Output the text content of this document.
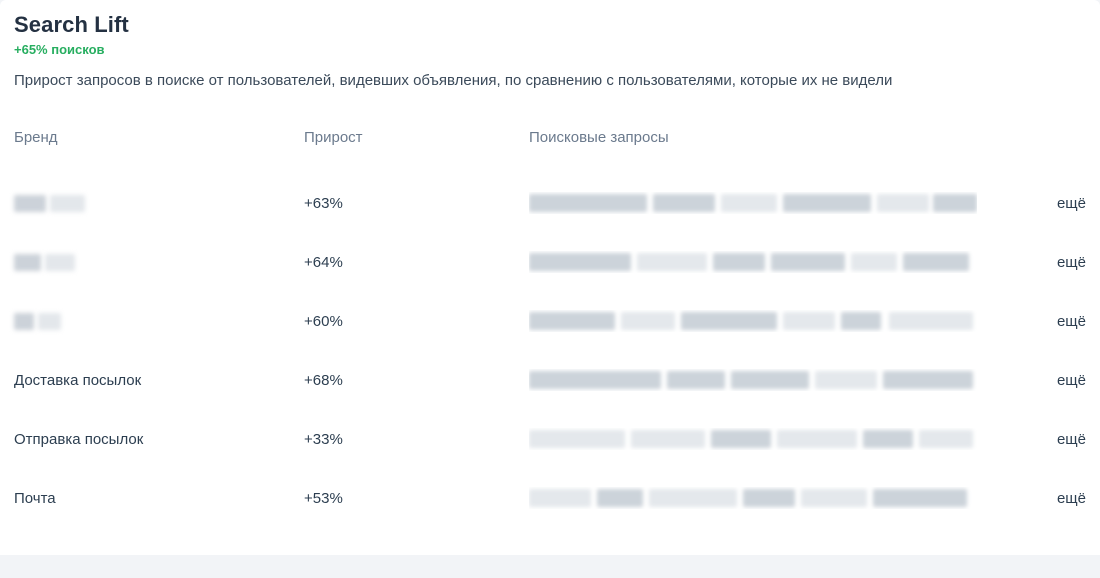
Search Lift
+65% поисков
Прирост запросов в поиске от пользователей, видевших объявления, по сравнению с пользователями, которые их не видели
Бренд	Прирост	Поисковые запросы	

	+63%		ещё

	+64%		ещё

	+60%		ещё
Доставка посылок	+68%		ещё
Отправка посылок	+33%		ещё
Почта	+53%		ещё
